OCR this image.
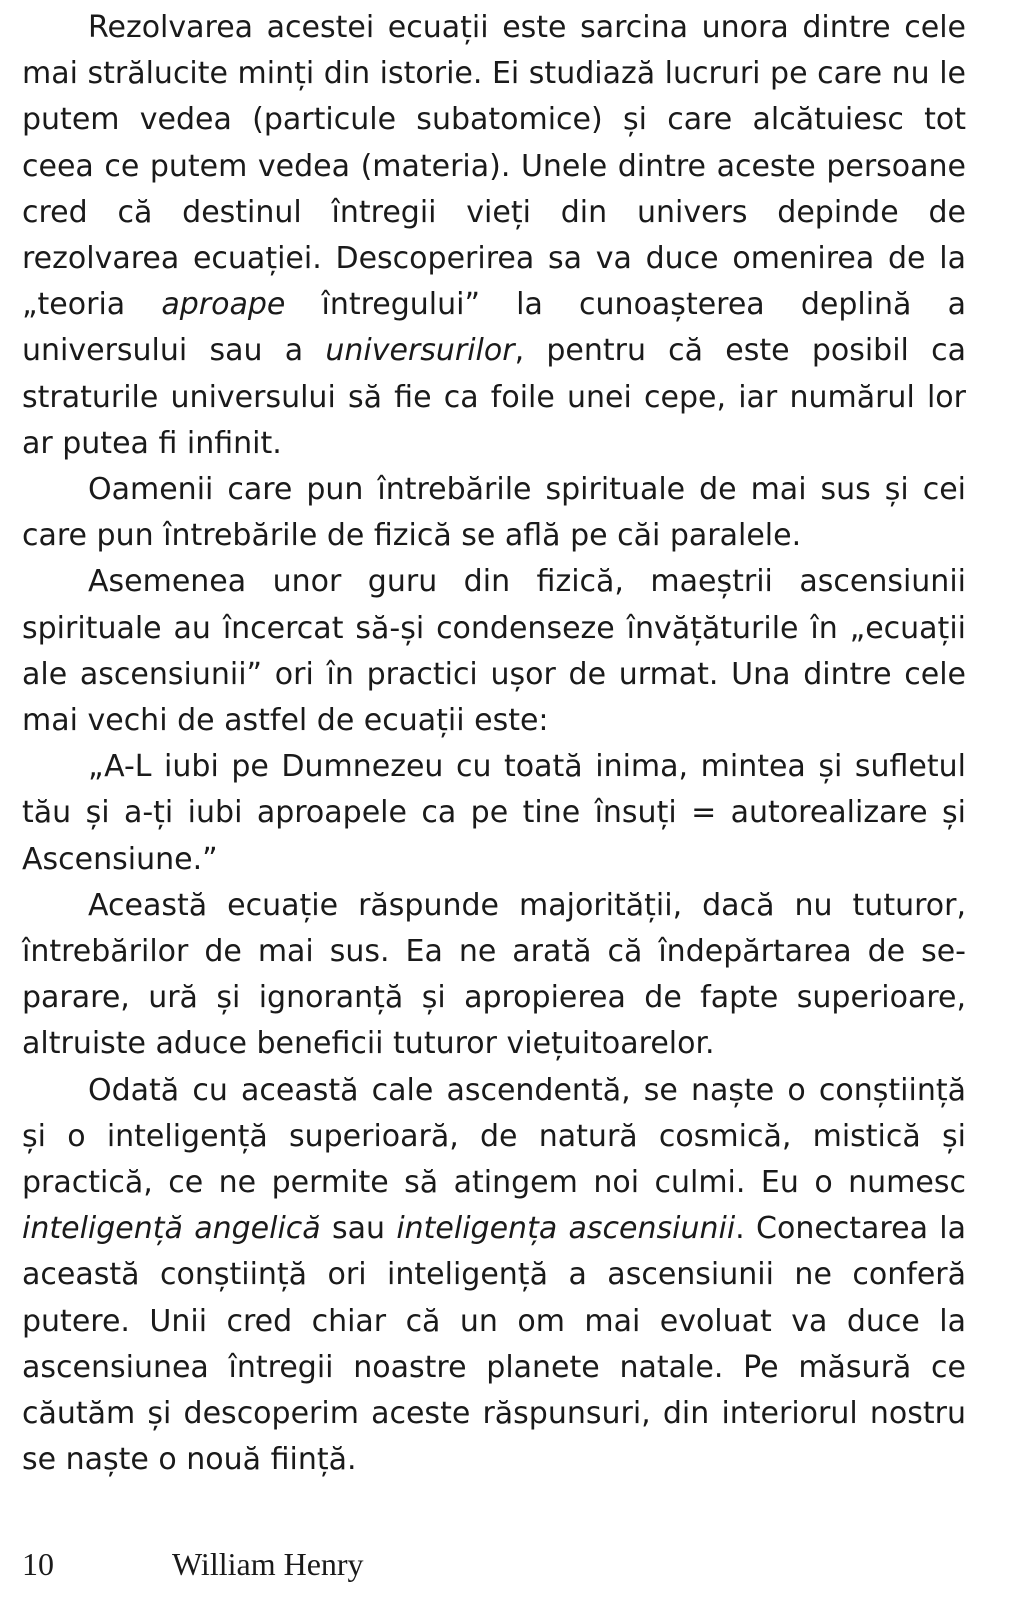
Rezolvarea acestei ecuații este sarcina unora dintre cele mai strălucite minți din istorie. Ei studiază lucruri pe care nu le putem vedea (particule subatomice) și care alcătuiesc tot ceea ce putem vedea (materia). Unele dintre aceste persoane cred că destinul întregii vieți din univers depinde de rezolvarea ecuației. Descoperirea sa va duce omenirea de la „teoria aproape întregului” la cunoașterea deplină a universului sau a universurilor, pentru că este posibil ca straturile universului să fie ca foile unei cepe, iar numărul lor ar putea fi infinit.

Oamenii care pun întrebările spirituale de mai sus și cei care pun întrebările de fizică se află pe căi paralele.

Asemenea unor guru din fizică, maeștrii ascensiunii spirituale au încercat să-și condenseze învățăturile în „ecuații ale ascensiunii” ori în practici ușor de urmat. Una dintre cele mai vechi de astfel de ecuații este:

„A-L iubi pe Dumnezeu cu toată inima, mintea și sufletul tău și a-ți iubi aproapele ca pe tine însuți = autorealizare și Ascensiune.”

Această ecuație răspunde majorității, dacă nu tuturor, întrebărilor de mai sus. Ea ne arată că îndepărtarea de separare, ură și ignoranță și apropierea de fapte superioare, altruiste aduce beneficii tuturor viețuitoarelor.

Odată cu această cale ascendentă, se naște o conștiință și o inteligență superioară, de natură cosmică, mistică și practică, ce ne permite să atingem noi culmi. Eu o numesc inteligență angelică sau inteligența ascensiunii. Conectarea la această conștiință ori inteligență a ascensiunii ne conferă putere. Unii cred chiar că un om mai evoluat va duce la ascensiunea întregii noastre planete natale. Pe măsură ce căutăm și descoperim aceste răspunsuri, din interiorul nostru se naște o nouă ființă.

10	William Henry
